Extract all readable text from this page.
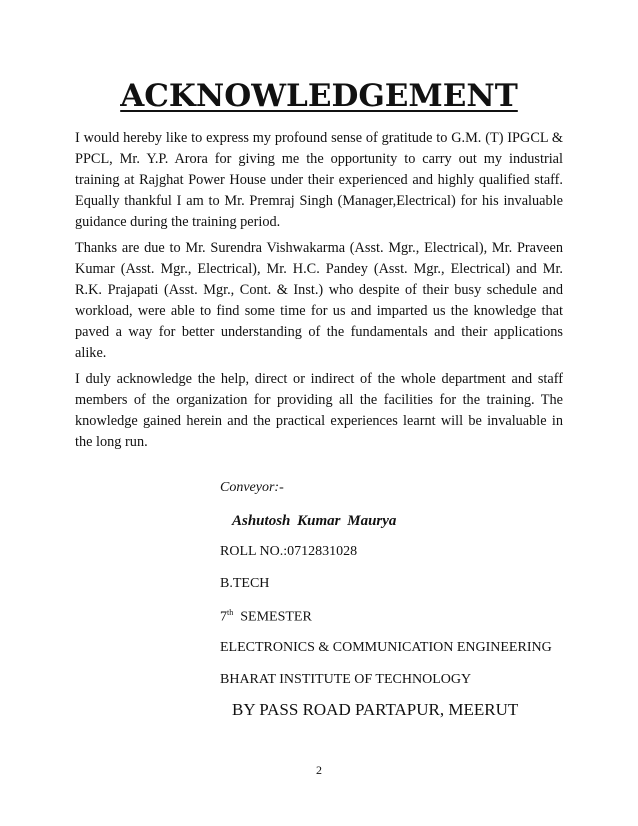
ACKNOWLEDGEMENT

I would hereby like to express my profound sense of gratitude to G.M. (T) IPGCL & PPCL, Mr. Y.P. Arora for giving me the opportunity to carry out my industrial training at Rajghat Power House under their experienced and highly qualified staff. Equally thankful I am to Mr. Premraj Singh (Manager,Electrical) for his invaluable guidance during the training period.

Thanks are due to Mr. Surendra Vishwakarma (Asst. Mgr., Electrical), Mr. Praveen Kumar (Asst. Mgr., Electrical), Mr. H.C. Pandey (Asst. Mgr., Electrical) and Mr. R.K. Prajapati (Asst. Mgr., Cont. & Inst.) who despite of their busy schedule and workload, were able to find some time for us and imparted us the knowledge that paved a way for better understanding of the fundamentals and their applications alike.

I duly acknowledge the help, direct or indirect of the whole department and staff members of the organization for providing all the facilities for the training. The knowledge gained herein and the practical experiences learnt will be invaluable in the long run.

Conveyor:-
Ashutosh Kumar Maurya
ROLL NO.:0712831028
B.TECH
7th SEMESTER
ELECTRONICS & COMMUNICATION ENGINEERING
BHARAT INSTITUTE OF TECHNOLOGY
BY PASS ROAD PARTAPUR, MEERUT
2
